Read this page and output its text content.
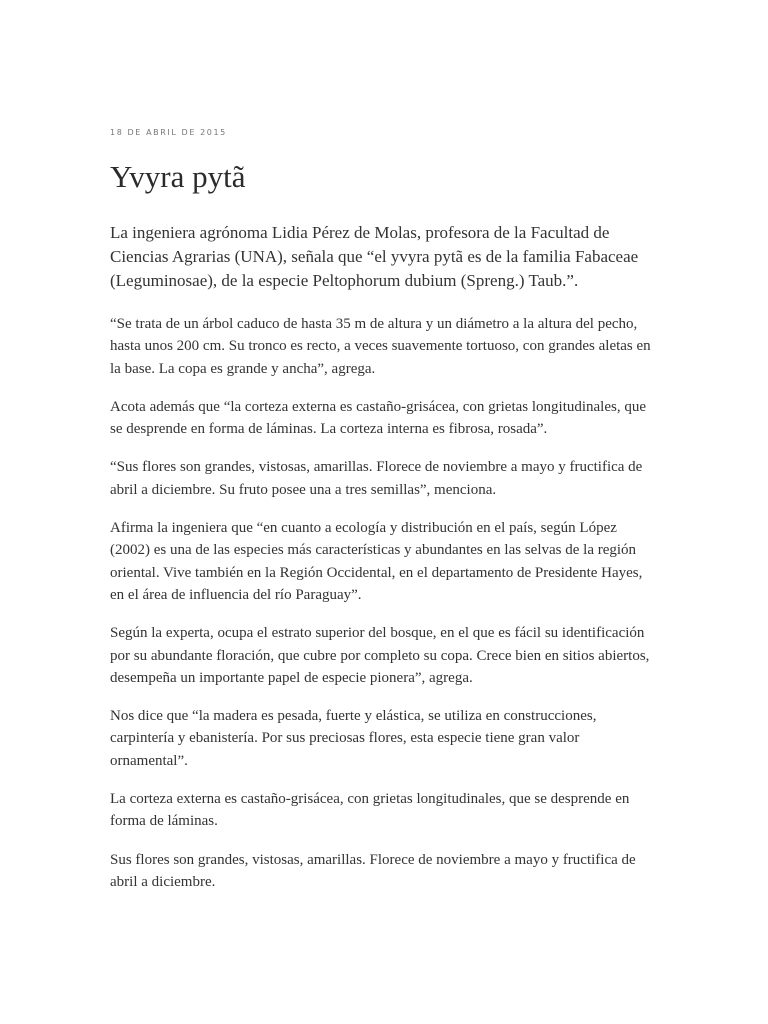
18 DE ABRIL DE 2015

Yvyra pytã

La ingeniera agrónoma Lidia Pérez de Molas, profesora de la Facultad de Ciencias Agrarias (UNA), señala que “el yvyra pytã es de la familia Fabaceae (Leguminosae), de la especie Peltophorum dubium (Spreng.) Taub.”.

“Se trata de un árbol caduco de hasta 35 m de altura y un diámetro a la altura del pecho, hasta unos 200 cm. Su tronco es recto, a veces suavemente tortuoso, con grandes aletas en la base. La copa es grande y ancha”, agrega.

Acota además que “la corteza externa es castaño-grisácea, con grietas longitudinales, que se desprende en forma de láminas. La corteza interna es fibrosa, rosada”.

“Sus flores son grandes, vistosas, amarillas. Florece de noviembre a mayo y fructifica de abril a diciembre. Su fruto posee una a tres semillas”, menciona.

Afirma la ingeniera que “en cuanto a ecología y distribución en el país, según López (2002) es una de las especies más características y abundantes en las selvas de la región oriental. Vive también en la Región Occidental, en el departamento de Presidente Hayes, en el área de influencia del río Paraguay”.

Según la experta, ocupa el estrato superior del bosque, en el que es fácil su identificación por su abundante floración, que cubre por completo su copa. Crece bien en sitios abiertos, desempeña un importante papel de especie pionera”, agrega.

Nos dice que “la madera es pesada, fuerte y elástica, se utiliza en construcciones, carpintería y ebanistería. Por sus preciosas flores, esta especie tiene gran valor ornamental”.

La corteza externa es castaño-grisácea, con grietas longitudinales, que se desprende en forma de láminas.

Sus flores son grandes, vistosas, amarillas. Florece de noviembre a mayo y fructifica de abril a diciembre.
